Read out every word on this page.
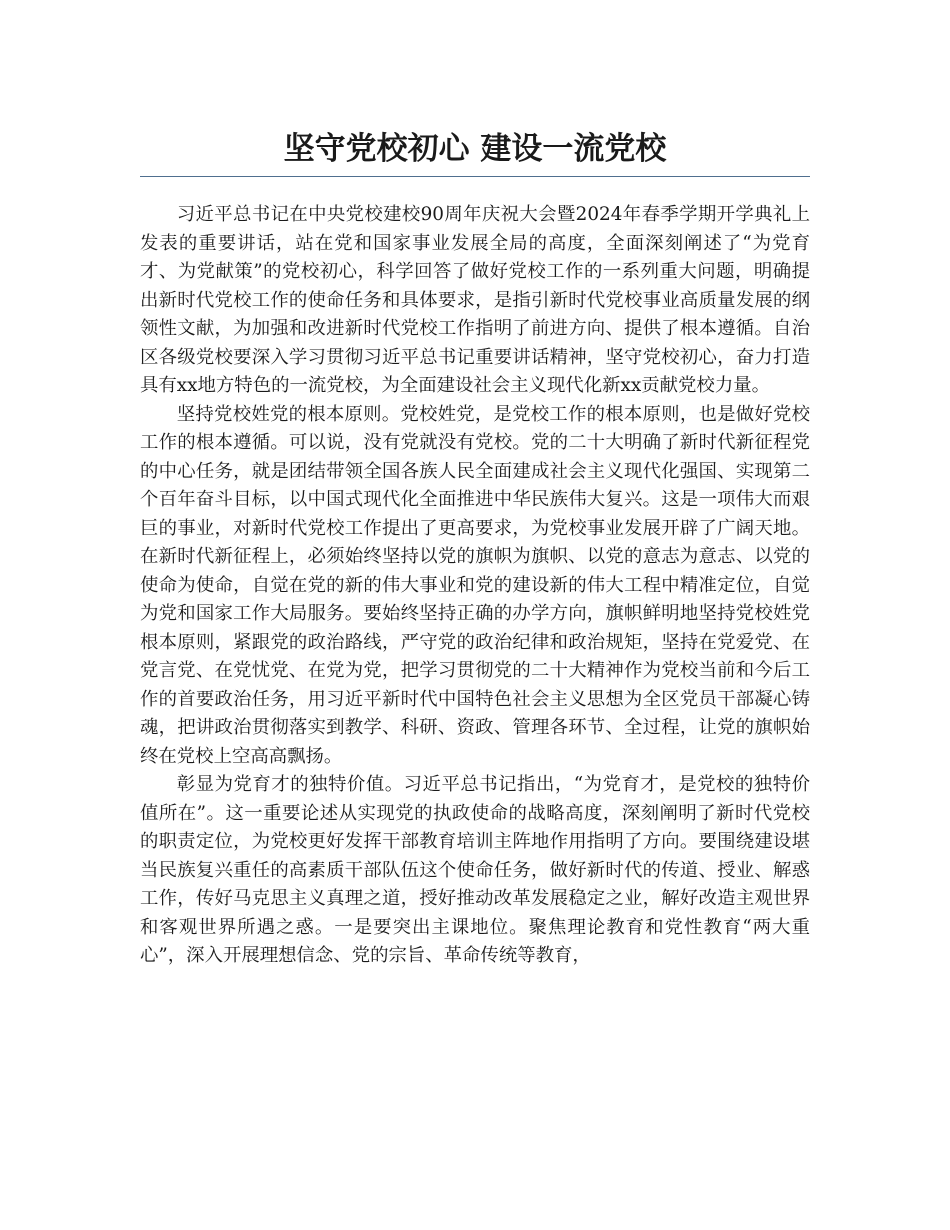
坚守党校初心 建设一流党校

习近平总书记在中央党校建校90周年庆祝大会暨2024年春季学期开学典礼上发表的重要讲话，站在党和国家事业发展全局的高度，全面深刻阐述了“为党育才、为党献策”的党校初心，科学回答了做好党校工作的一系列重大问题，明确提出新时代党校工作的使命任务和具体要求，是指引新时代党校事业高质量发展的纲领性文献，为加强和改进新时代党校工作指明了前进方向、提供了根本遵循。自治区各级党校要深入学习贯彻习近平总书记重要讲话精神，坚守党校初心，奋力打造具有xx地方特色的一流党校，为全面建设社会主义现代化新xx贡献党校力量。

坚持党校姓党的根本原则。党校姓党，是党校工作的根本原则，也是做好党校工作的根本遵循。可以说，没有党就没有党校。党的二十大明确了新时代新征程党的中心任务，就是团结带领全国各族人民全面建成社会主义现代化强国、实现第二个百年奋斗目标，以中国式现代化全面推进中华民族伟大复兴。这是一项伟大而艰巨的事业，对新时代党校工作提出了更高要求，为党校事业发展开辟了广阔天地。在新时代新征程上，必须始终坚持以党的旗帜为旗帜、以党的意志为意志、以党的使命为使命，自觉在党的新的伟大事业和党的建设新的伟大工程中精准定位，自觉为党和国家工作大局服务。要始终坚持正确的办学方向，旗帜鲜明地坚持党校姓党根本原则，紧跟党的政治路线，严守党的政治纪律和政治规矩，坚持在党爱党、在党言党、在党忧党、在党为党，把学习贯彻党的二十大精神作为党校当前和今后工作的首要政治任务，用习近平新时代中国特色社会主义思想为全区党员干部凝心铸魂，把讲政治贯彻落实到教学、科研、资政、管理各环节、全过程，让党的旗帜始终在党校上空高高飘扬。

彰显为党育才的独特价值。习近平总书记指出，“为党育才，是党校的独特价值所在”。这一重要论述从实现党的执政使命的战略高度，深刻阐明了新时代党校的职责定位，为党校更好发挥干部教育培训主阵地作用指明了方向。要围绕建设堪当民族复兴重任的高素质干部队伍这个使命任务，做好新时代的传道、授业、解惑工作，传好马克思主义真理之道，授好推动改革发展稳定之业，解好改造主观世界和客观世界所遇之惑。一是要突出主课地位。聚焦理论教育和党性教育“两大重心”，深入开展理想信念、党的宗旨、革命传统等教育，
